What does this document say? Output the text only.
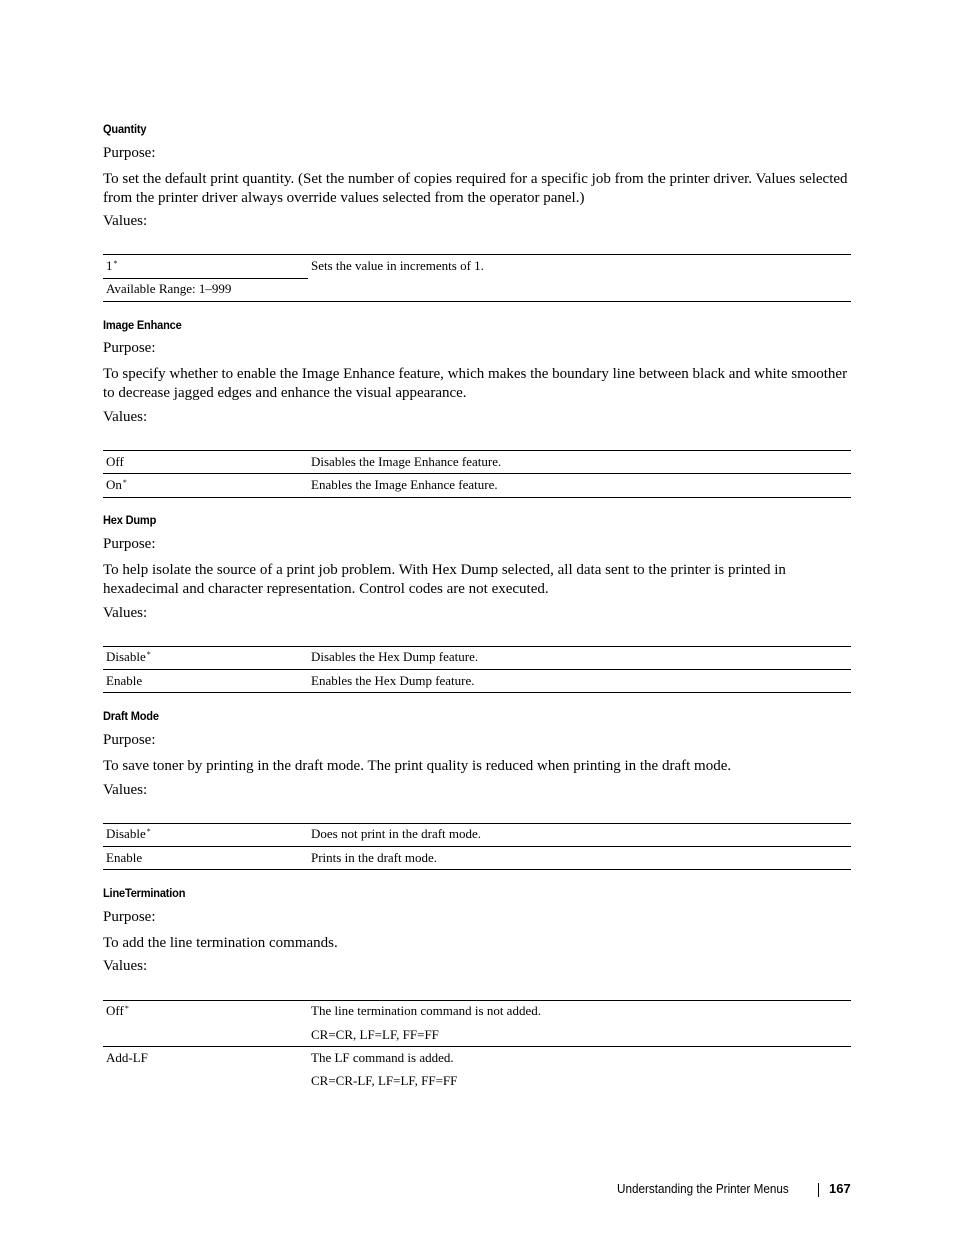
Quantity
Purpose:
To set the default print quantity. (Set the number of copies required for a specific job from the printer driver. Values selected from the printer driver always override values selected from the operator panel.)
Values:
1*	Sets the value in increments of 1.
Available Range: 1–999
Image Enhance
Purpose:
To specify whether to enable the Image Enhance feature, which makes the boundary line between black and white smoother to decrease jagged edges and enhance the visual appearance.
Values:
Off	Disables the Image Enhance feature.
On*	Enables the Image Enhance feature.
Hex Dump
Purpose:
To help isolate the source of a print job problem. With Hex Dump selected, all data sent to the printer is printed in hexadecimal and character representation. Control codes are not executed.
Values:
Disable*	Disables the Hex Dump feature.
Enable	Enables the Hex Dump feature.
Draft Mode
Purpose:
To save toner by printing in the draft mode. The print quality is reduced when printing in the draft mode.
Values:
Disable*	Does not print in the draft mode.
Enable	Prints in the draft mode.
LineTermination
Purpose:
To add the line termination commands.
Values:
Off*	The line termination command is not added.
CR=CR, LF=LF, FF=FF
Add-LF	The LF command is added.
CR=CR-LF, LF=LF, FF=FF
Understanding the Printer Menus	167
